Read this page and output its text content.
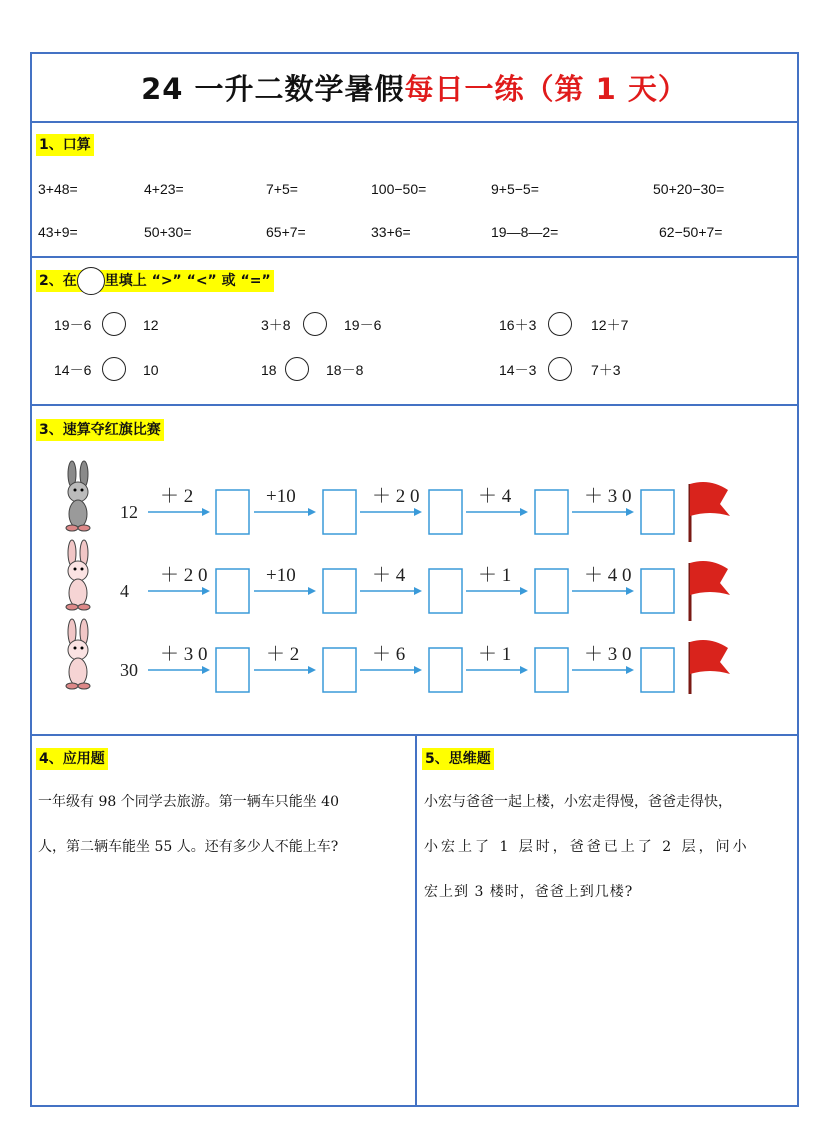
24 一升二数学暑假每日一练（第 1 天）
1、口算
3+48=	4+23=	7+5=	100−50=	9+5−5=	50+20−30=
43+9=	50+30=	65+7=	33+6=	19—8—2=	62−50+7=
2、在 里填上 “>” “<” 或 “=”
19－6	12	3＋8	19－6	16＋3	12＋7
14－6	10	18	18－8	14－3	7＋3
3、速算夺红旗比赛
12
＋ 2	+10	＋ 2 0	＋ 4	＋ 3 0
4
＋ 2 0	+10	＋ 4	＋ 1	＋ 4 0
30
＋ 3 0	＋ 2	＋ 6	＋ 1	＋ 3 0
4、应用题
一年级有 98 个同学去旅游。第一辆车只能坐 40
人，第二辆车能坐 55 人。还有多少人不能上车?
5、思维题
小宏与爸爸一起上楼，小宏走得慢，爸爸走得快，
小宏上了 1 层时，爸爸已上了 2 层，问小
宏上到 3 楼时，爸爸上到几楼?
